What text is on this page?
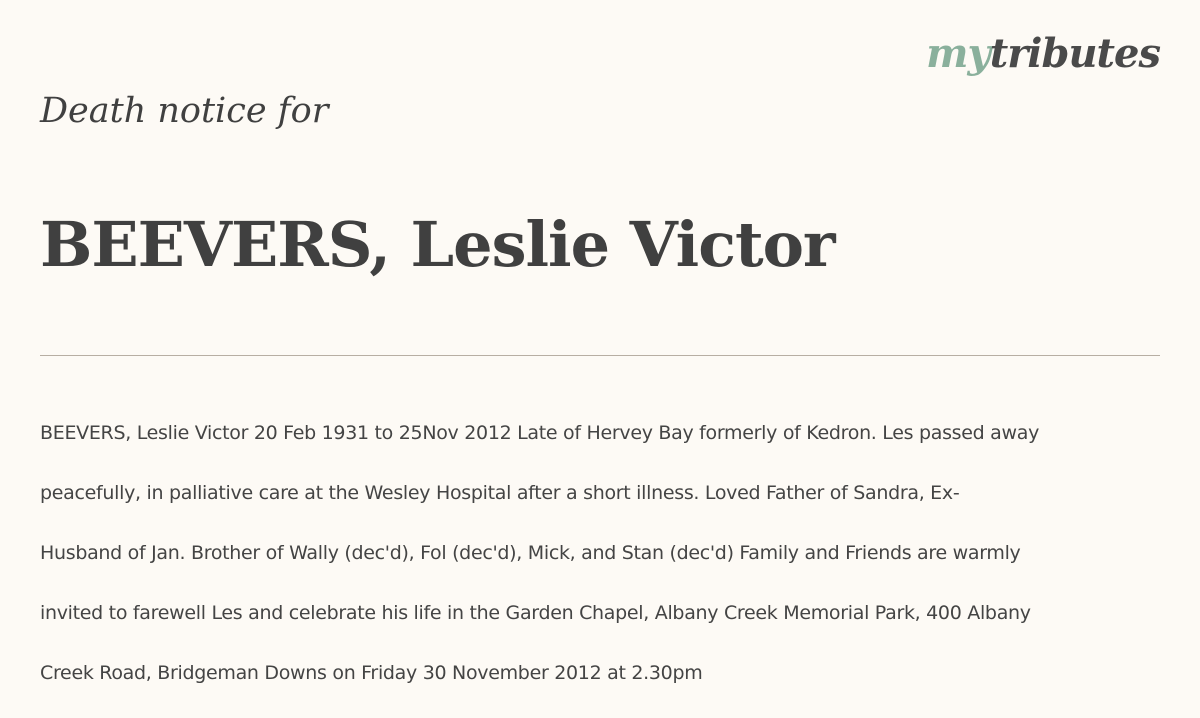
mytributes
Death notice for
BEEVERS, Leslie Victor

BEEVERS, Leslie Victor 20 Feb 1931 to 25Nov 2012 Late of Hervey Bay formerly of Kedron. Les passed away

peacefully, in palliative care at the Wesley Hospital after a short illness. Loved Father of Sandra, Ex-

Husband of Jan. Brother of Wally (dec'd), Fol (dec'd), Mick, and Stan (dec'd) Family and Friends are warmly

invited to farewell Les and celebrate his life in the Garden Chapel, Albany Creek Memorial Park, 400 Albany

Creek Road, Bridgeman Downs on Friday 30 November 2012 at 2.30pm
